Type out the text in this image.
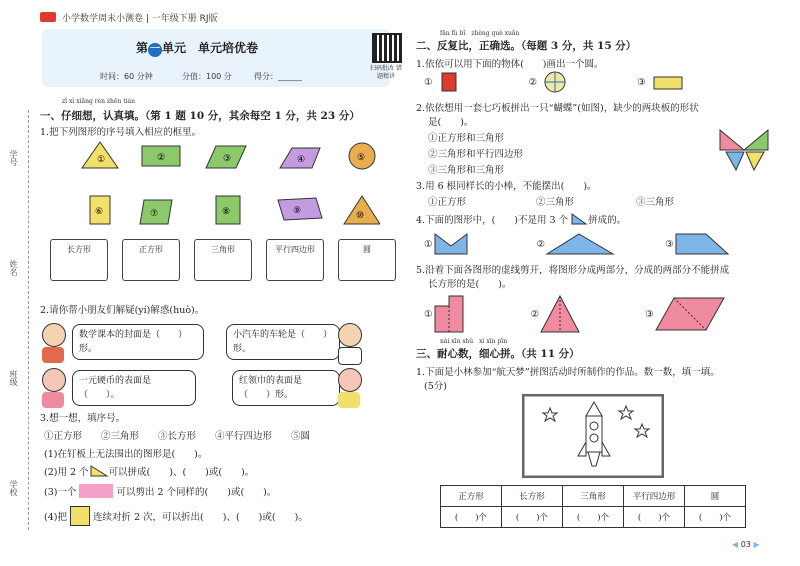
小学数学周末小测卷 | 一年级下册 RJ版
第 一 单元　单元培优卷
时间：60 分钟	分值：100 分	得分：______
扫码批改 错题精讲
学号
姓名
班级
学校
zǐ xì xiǎng rèn zhēn tián
一、仔细想，认真填。（第 1 题 10 分，其余每空 1 分，共 23 分）
1.把下列图形的序号填入相应的框里。
①	②	③	④	⑤
⑥	⑦	⑧	⑨	⑩
长方形	正方形	三角形	平行四边形	圆
2.请你帮小朋友们解疑(yí)解惑(huò)。
数学课本的封面是（　　）形。
小汽车的车轮是（　　）形。
一元硬币的表面是（　　）。
红领巾的表面是（　　）形。
3.想一想，填序号。
①正方形　　②三角形　　③长方形　　④平行四边形　　⑤圆
(1)在钉板上无法围出的图形是(　　)。
(2)用 2 个 可以拼成(　　)、(　　)或(　　)。
(3)一个	可以剪出 2 个同样的(　　)或(　　)。
(4)把	连续对折 2 次，可以折出(　　)、(　　)或(　　)。
fǎn fù bǐ　zhèng què xuǎn
二、反复比，正确选。（每题 3 分，共 15 分）
1.依依可以用下面的物体(　　)画出一个圆。
①	②	③
2.依依想用一套七巧板拼出一只“蝴蝶”(如图)，缺少的两块板的形状
是(　　)。
①正方形和三角形
②三角形和平行四边形
③三角形和三角形
3.用 6 根同样长的小棒，不能摆出(　　)。
①正方形	②三角形	③三角形
4.下面的图形中，(　　)不是用 3 个 拼成的。
①	②	③
5.沿着下面各图形的虚线剪开，将图形分成两部分，分成的两部分不能拼成
长方形的是(　　)。
①	②	③
nài xīn shǔ　xì xīn pīn
三、耐心数，细心拼。（共 11 分）
1.下面是小林参加“航天梦”拼图活动时所制作的作品。数一数，填一填。
(5分)
正方形	长方形	三角形	平行四边形	圆
(　　)个	(　　)个	(　　)个	(　　)个	(　　)个
◀ 03 ▶
